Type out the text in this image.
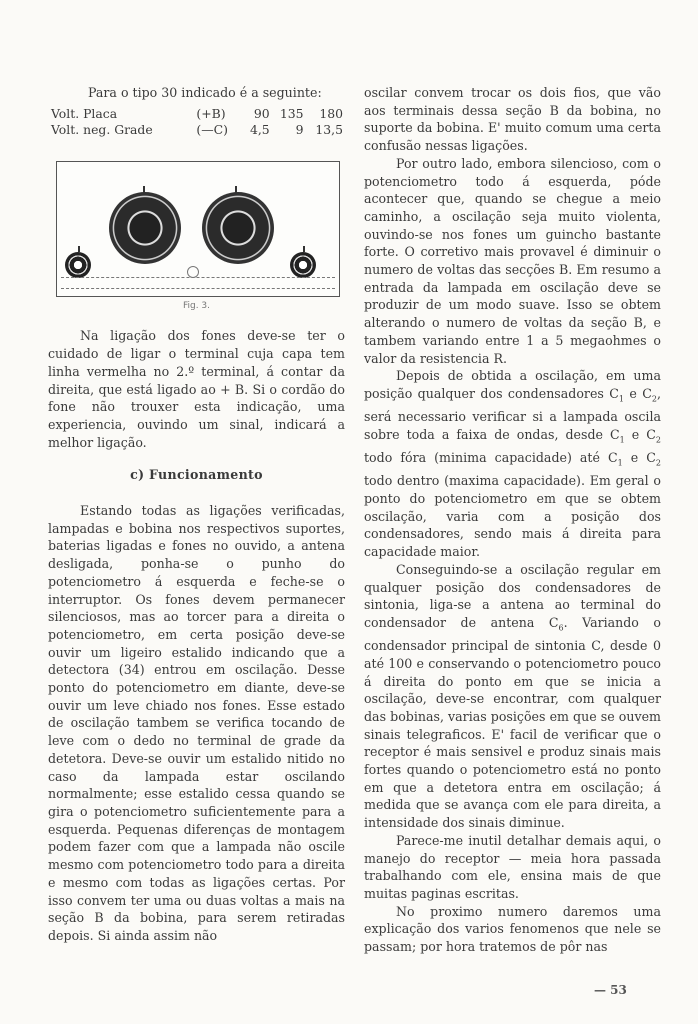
Para o tipo 30 indicado é a seguinte:

Volt. Placa	(+B)	90	135	180
Volt. neg. Grade	(—C)	4,5	9	13,5
Fig. 3.

Na ligação dos fones deve-se ter o cuidado de ligar o terminal cuja capa tem linha vermelha no 2.º terminal, á contar da direita, que está ligado ao + B. Si o cordão do fone não trouxer esta indicação, uma experiencia, ouvindo um sinal, indicará a melhor ligação.

c) Funcionamento

Estando todas as ligações verificadas, lampadas e bobina nos respectivos suportes, baterias ligadas e fones no ouvido, a antena desligada, ponha-se o punho do potenciometro á esquerda e feche-se o interruptor. Os fones devem permanecer silenciosos, mas ao torcer para a direita o potenciometro, em certa posição deve-se ouvir um ligeiro estalido indicando que a detectora (34) entrou em oscilação. Desse ponto do potenciometro em diante, deve-se ouvir um leve chiado nos fones. Esse estado de oscilação tambem se verifica tocando de leve com o dedo no terminal de grade da detetora. Deve-se ouvir um estalido nitido no caso da lampada estar oscilando normalmente; esse estalido cessa quando se gira o potenciometro suficientemente para a esquerda. Pequenas diferenças de montagem podem fazer com que a lampada não oscile mesmo com potenciometro todo para a direita e mesmo com todas as ligações certas. Por isso convem ter uma ou duas voltas a mais na seção B da bobina, para serem retiradas depois. Si ainda assim não

oscilar convem trocar os dois fios, que vão aos terminais dessa seção B da bobina, no suporte da bobina. E' muito comum uma certa confusão nessas ligações.

Por outro lado, embora silencioso, com o potenciometro todo á esquerda, póde acontecer que, quando se chegue a meio caminho, a oscilação seja muito violenta, ouvindo-se nos fones um guincho bastante forte. O corretivo mais provavel é diminuir o numero de voltas das secções B. Em resumo a entrada da lampada em oscilação deve se produzir de um modo suave. Isso se obtem alterando o numero de voltas da seção B, e tambem variando entre 1 a 5 megaohmes o valor da resistencia R.

Depois de obtida a oscilação, em uma posição qualquer dos condensadores $C_1$ e $C_2$, será necessario verificar si a lampada oscila sobre toda a faixa de ondas, desde $C_1$ e $C_2$ todo fóra (minima capacidade) até $C_1$ e $C_2$ todo dentro (maxima capacidade). Em geral o ponto do potenciometro em que se obtem oscilação, varia com a posição dos condensadores, sendo mais á direita para capacidade maior.

Conseguindo-se a oscilação regular em qualquer posição dos condensadores de sintonia, liga-se a antena ao terminal do condensador de antena $C_6$. Variando o condensador principal de sintonia C, desde 0 até 100 e conservando o potenciometro pouco á direita do ponto em que se inicia a oscilação, deve-se encontrar, com qualquer das bobinas, varias posições em que se ouvem sinais telegraficos. E' facil de verificar que o receptor é mais sensivel e produz sinais mais fortes quando o potenciometro está no ponto em que a detetora entra em oscilação; á medida que se avança com ele para direita, a intensidade dos sinais diminue.

Parece-me inutil detalhar demais aqui, o manejo do receptor — meia hora passada trabalhando com ele, ensina mais de que muitas paginas escritas.

No proximo numero daremos uma explicação dos varios fenomenos que nele se passam; por hora tratemos de pôr nas

— 53
